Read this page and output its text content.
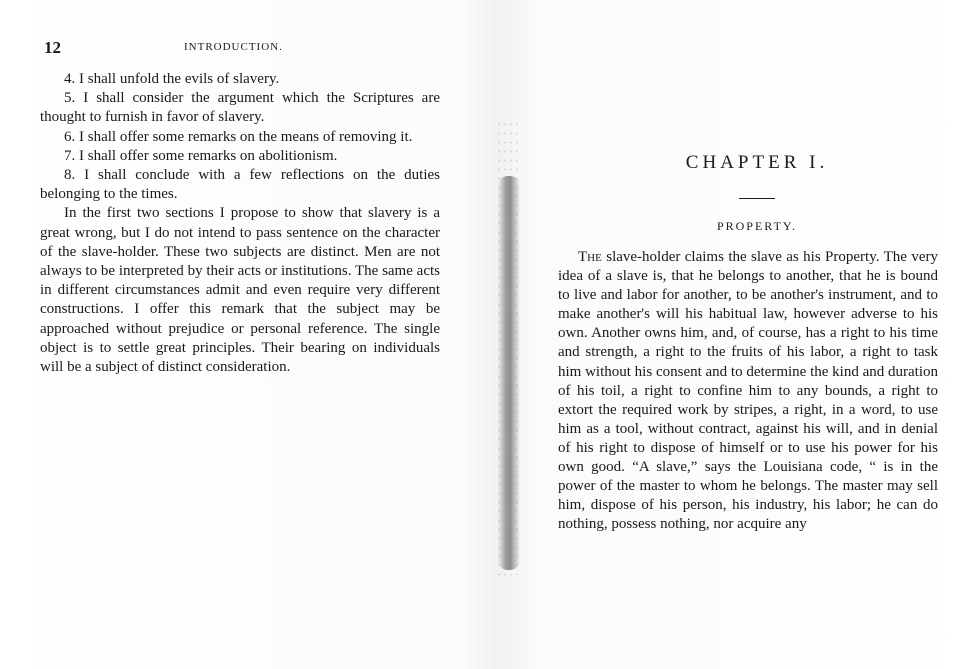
12	INTRODUCTION.

4. I shall unfold the evils of slavery.

5. I shall consider the argument which the Scriptures are thought to furnish in favor of slavery.

6. I shall offer some remarks on the means of removing it.

7. I shall offer some remarks on abolitionism.

8. I shall conclude with a few reflections on the duties belonging to the times.

In the first two sections I propose to show that slavery is a great wrong, but I do not intend to pass sentence on the character of the slave-holder. These two subjects are distinct. Men are not always to be interpreted by their acts or institutions. The same acts in different circumstances admit and even require very different constructions. I offer this remark that the subject may be approached without prejudice or personal reference. The single object is to settle great principles. Their bearing on individuals will be a subject of distinct consideration.

CHAPTER I.
PROPERTY.

The slave-holder claims the slave as his Property. The very idea of a slave is, that he belongs to another, that he is bound to live and labor for another, to be another's instrument, and to make another's will his habitual law, however adverse to his own. Another owns him, and, of course, has a right to his time and strength, a right to the fruits of his labor, a right to task him without his consent and to determine the kind and duration of his toil, a right to confine him to any bounds, a right to extort the required work by stripes, a right, in a word, to use him as a tool, without contract, against his will, and in denial of his right to dispose of himself or to use his power for his own good. “A slave,” says the Louisiana code, “ is in the power of the master to whom he belongs. The master may sell him, dispose of his person, his industry, his labor; he can do nothing, possess nothing, nor acquire any
